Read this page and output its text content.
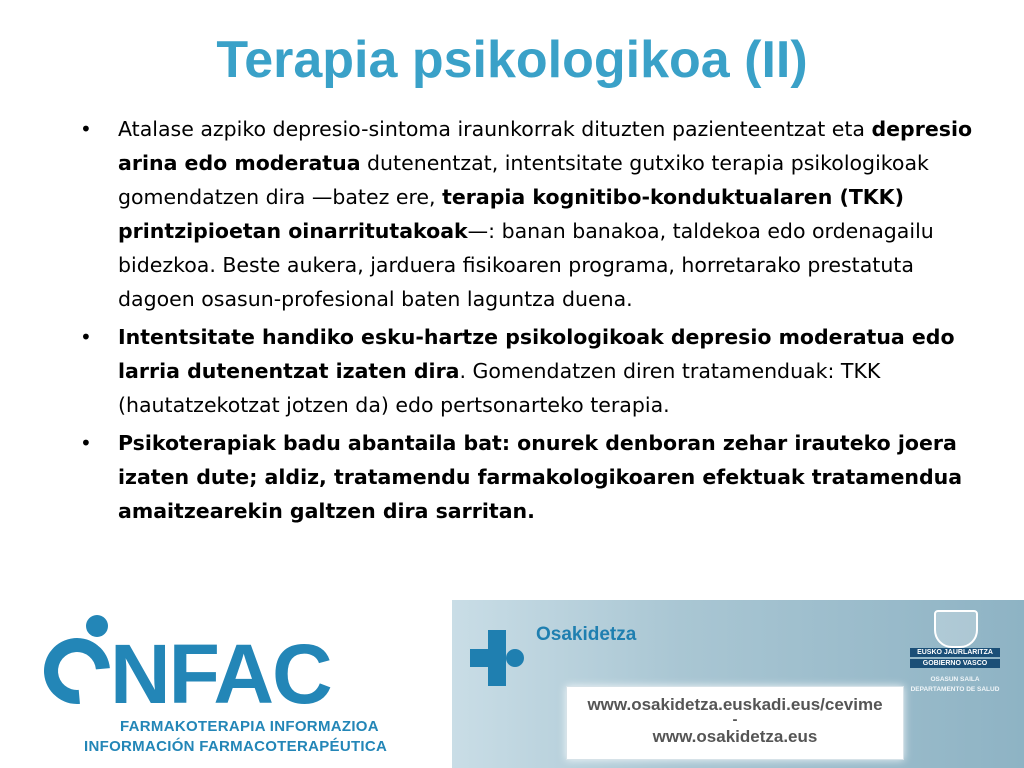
Terapia psikologikoa (II)
• Atalase azpiko depresio-sintoma iraunkorrak dituzten pazienteentzat eta depresio arina edo moderatua dutenentzat, intentsitate gutxiko terapia psikologikoak gomendatzen dira —batez ere, terapia kognitibo-konduktualaren (TKK) printzipioetan oinarritutakoak—: banan banakoa, taldekoa edo ordenagailu bidezkoa. Beste aukera, jarduera fisikoaren programa, horretarako prestatuta dagoen osasun-profesional baten laguntza duena.
• Intentsitate handiko esku-hartze psikologikoak depresio moderatua edo larria dutenentzat izaten dira. Gomendatzen diren tratamenduak: TKK (hautatzekotzat jotzen da) edo pertsonarteko terapia.
• Psikoterapiak badu abantaila bat: onurek denboran zehar irauteko joera izaten dute; aldiz, tratamendu farmakologikoaren efektuak tratamendua amaitzearekin galtzen dira sarritan.
NFAC
FARMAKOTERAPIA INFORMAZIOA
INFORMACIÓN FARMACOTERAPÉUTICA
Osakidetza
www.osakidetza.euskadi.eus/cevime
-
www.osakidetza.eus
EUSKO JAURLARITZA
GOBIERNO VASCO
OSASUN SAILA
DEPARTAMENTO DE SALUD
